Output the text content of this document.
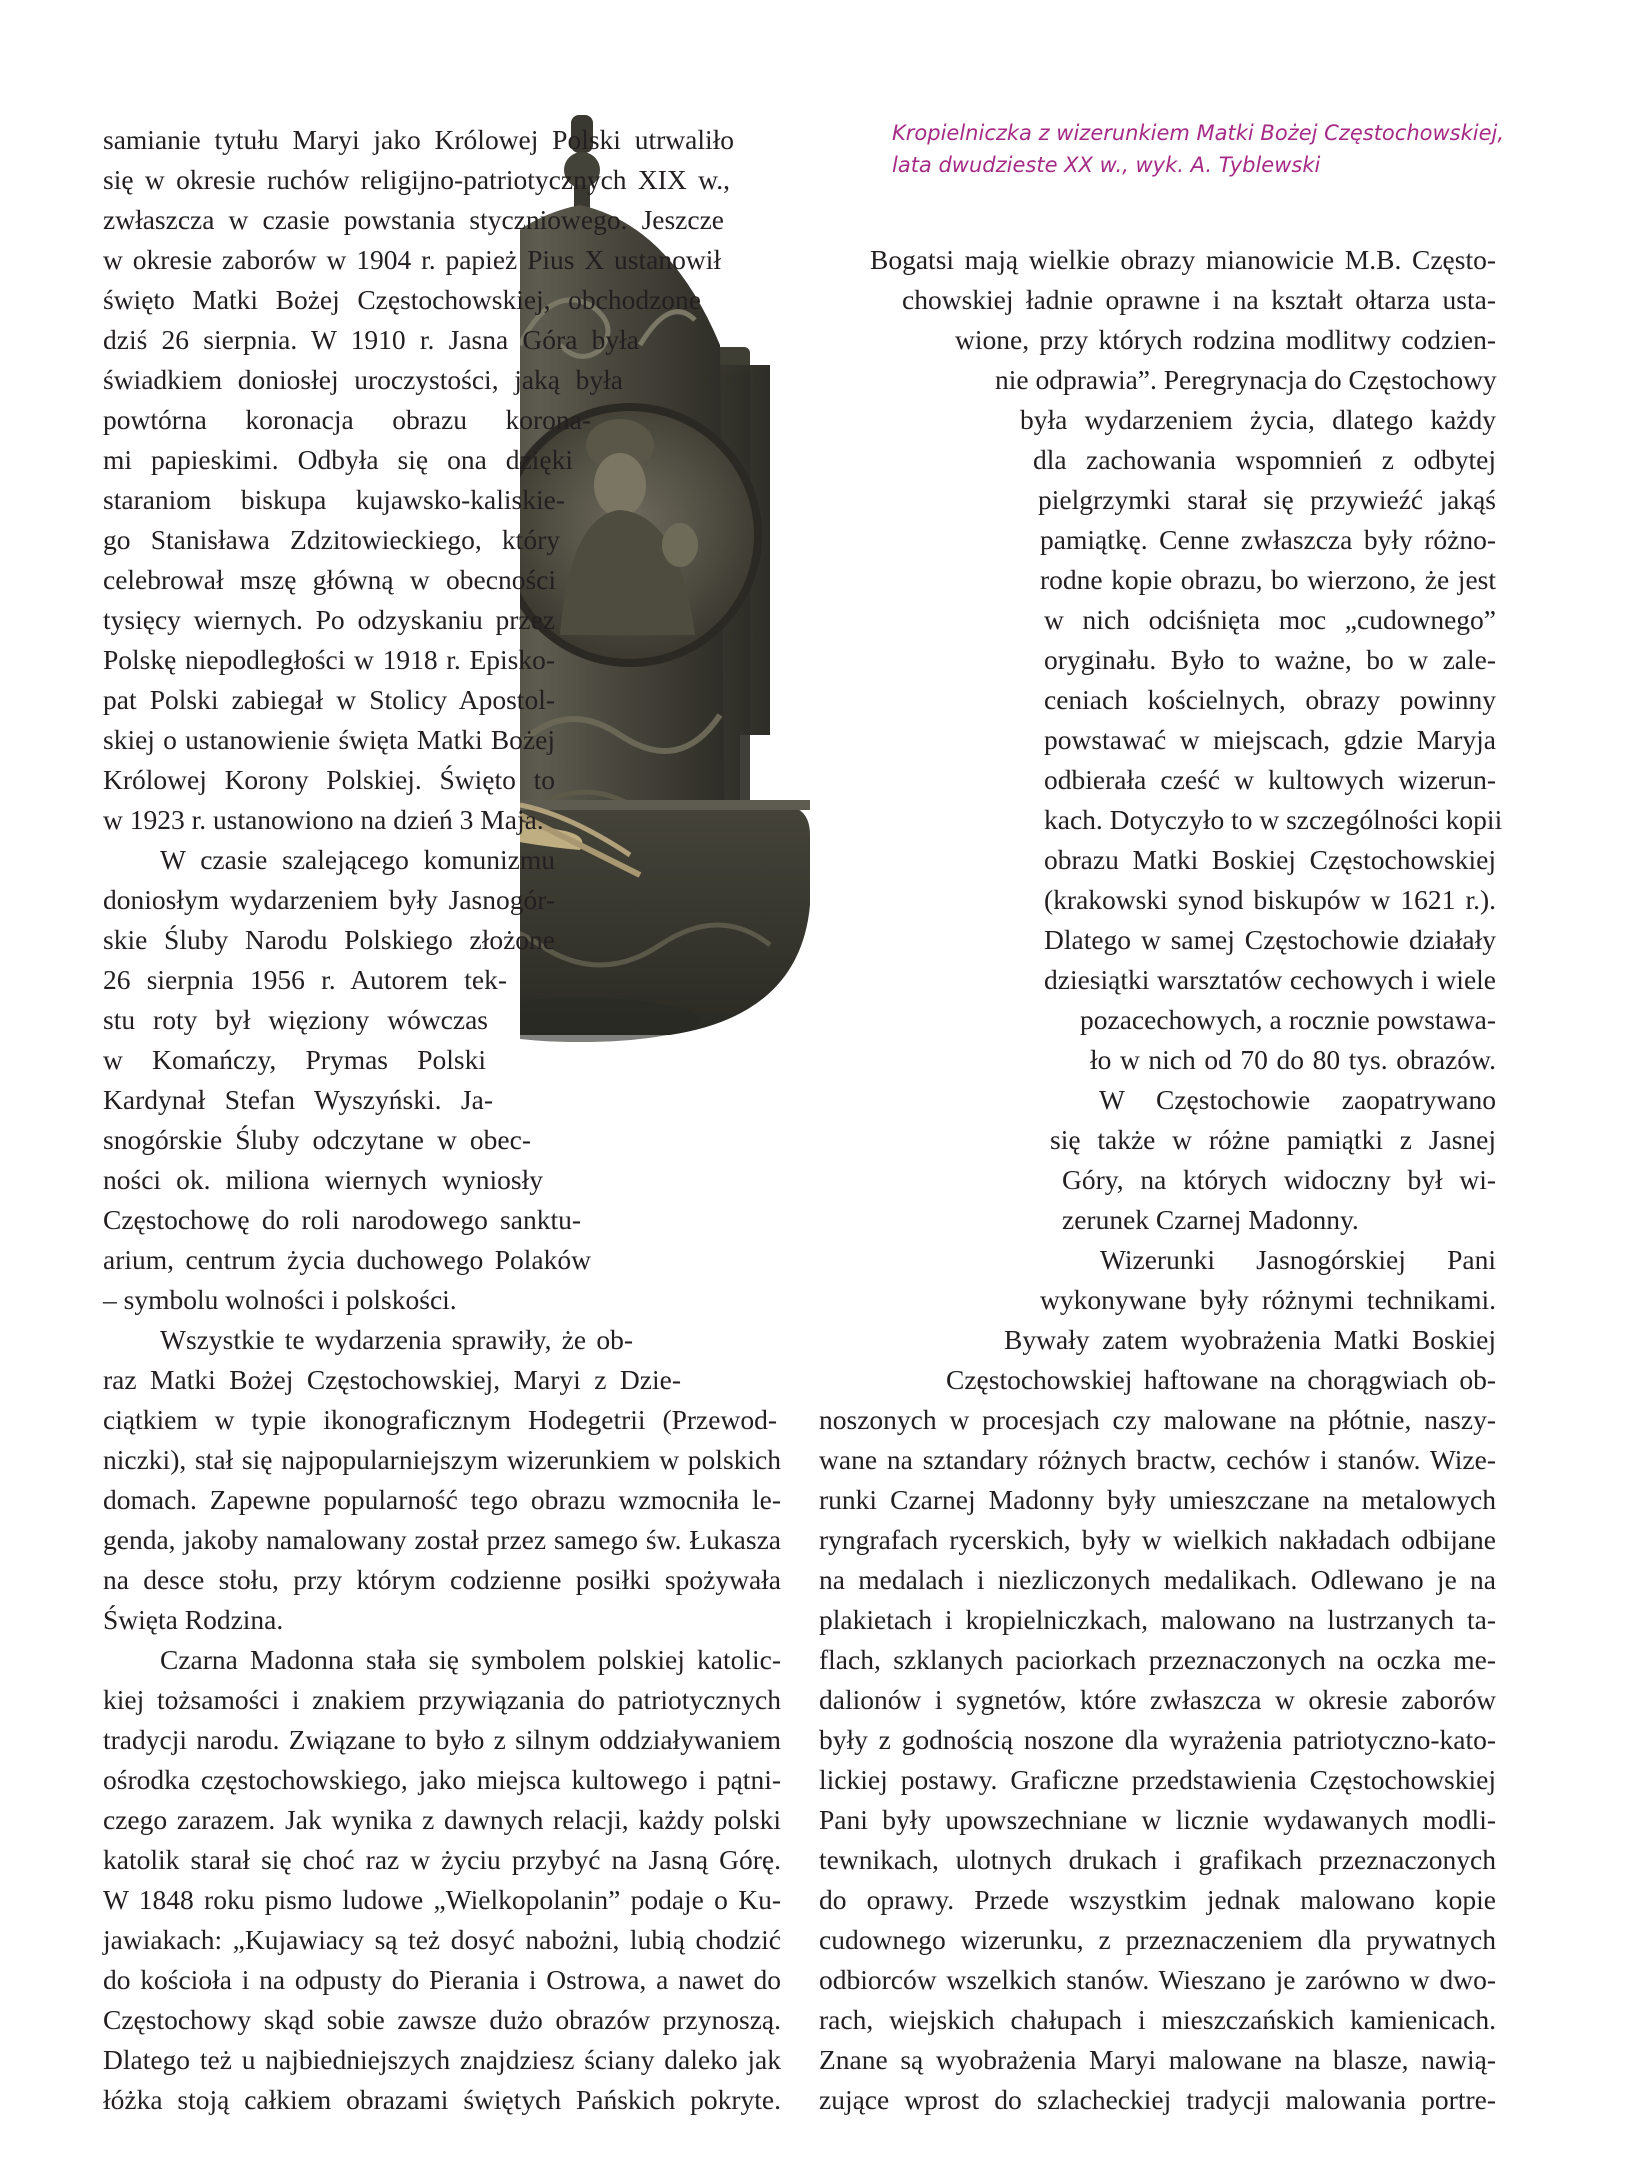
Kropielniczka z wizerunkiem Matki Bożej Częstochowskiej,
lata dwudzieste XX w., wyk. A. Tyblewski
samianie tytułu Maryi jako Królowej Polski utrwaliło
się w okresie ruchów religijno-patriotycznych XIX w.,
zwłaszcza w czasie powstania styczniowego. Jeszcze
w okresie zaborów w 1904 r. papież Pius X ustanowił
święto Matki Bożej Częstochowskiej, obchodzone
dziś 26 sierpnia. W 1910 r. Jasna Góra była
świadkiem doniosłej uroczystości, jaką była
powtórna koronacja obrazu korona-
mi papieskimi. Odbyła się ona dzięki
staraniom biskupa kujawsko-kaliskie-
go Stanisława Zdzitowieckiego, który
celebrował mszę główną w obecności
tysięcy wiernych. Po odzyskaniu przez
Polskę niepodległości w 1918 r. Episko-
pat Polski zabiegał w Stolicy Apostol-
skiej o ustanowienie święta Matki Bożej
Królowej Korony Polskiej. Święto to
w 1923 r. ustanowiono na dzień 3 Maja.
W czasie szalejącego komunizmu
doniosłym wydarzeniem były Jasnogór-
skie Śluby Narodu Polskiego złożone
26 sierpnia 1956 r. Autorem tek-
stu roty był więziony wówczas
w Komańczy, Prymas Polski
Kardynał Stefan Wyszyński. Ja-
snogórskie Śluby odczytane w obec-
ności ok. miliona wiernych wyniosły
Częstochowę do roli narodowego sanktu-
arium, centrum życia duchowego Polaków
– symbolu wolności i polskości.
Wszystkie te wydarzenia sprawiły, że ob-
raz Matki Bożej Częstochowskiej, Maryi z Dzie-
ciątkiem w typie ikonograficznym Hodegetrii (Przewod-
niczki), stał się najpopularniejszym wizerunkiem w polskich
domach. Zapewne popularność tego obrazu wzmocniła le-
genda, jakoby namalowany został przez samego św. Łukasza
na desce stołu, przy którym codzienne posiłki spożywała
Święta Rodzina.
Czarna Madonna stała się symbolem polskiej katolic-
kiej tożsamości i znakiem przywiązania do patriotycznych
tradycji narodu. Związane to było z silnym oddziaływaniem
ośrodka częstochowskiego, jako miejsca kultowego i pątni-
czego zarazem. Jak wynika z dawnych relacji, każdy polski
katolik starał się choć raz w życiu przybyć na Jasną Górę.
W 1848 roku pismo ludowe „Wielkopolanin” podaje o Ku-
jawiakach: „Kujawiacy są też dosyć nabożni, lubią chodzić
do kościoła i na odpusty do Pierania i Ostrowa, a nawet do
Częstochowy skąd sobie zawsze dużo obrazów przynoszą.
Dlatego też u najbiedniejszych znajdziesz ściany daleko jak
łóżka stoją całkiem obrazami świętych Pańskich pokryte.
Bogatsi mają wielkie obrazy mianowicie M.B. Często-
chowskiej ładnie oprawne i na kształt ołtarza usta-
wione, przy których rodzina modlitwy codzien-
nie odprawia”. Peregrynacja do Częstochowy
była wydarzeniem życia, dlatego każdy
dla zachowania wspomnień z odbytej
pielgrzymki starał się przywieźć jakąś
pamiątkę. Cenne zwłaszcza były różno-
rodne kopie obrazu, bo wierzono, że jest
w nich odciśnięta moc „cudownego”
oryginału. Było to ważne, bo w zale-
ceniach kościelnych, obrazy powinny
powstawać w miejscach, gdzie Maryja
odbierała cześć w kultowych wizerun-
kach. Dotyczyło to w szczególności kopii
obrazu Matki Boskiej Częstochowskiej
(krakowski synod biskupów w 1621 r.).
Dlatego w samej Częstochowie działały
dziesiątki warsztatów cechowych i wiele
pozacechowych, a rocznie powstawa-
ło w nich od 70 do 80 tys. obrazów.
W Częstochowie zaopatrywano
się także w różne pamiątki z Jasnej
Góry, na których widoczny był wi-
zerunek Czarnej Madonny.
Wizerunki Jasnogórskiej Pani
wykonywane były różnymi technikami.
Bywały zatem wyobrażenia Matki Boskiej
Częstochowskiej haftowane na chorągwiach ob-
noszonych w procesjach czy malowane na płótnie, naszy-
wane na sztandary różnych bractw, cechów i stanów. Wize-
runki Czarnej Madonny były umieszczane na metalowych
ryngrafach rycerskich, były w wielkich nakładach odbijane
na medalach i niezliczonych medalikach. Odlewano je na
plakietach i kropielniczkach, malowano na lustrzanych ta-
flach, szklanych paciorkach przeznaczonych na oczka me-
dalionów i sygnetów, które zwłaszcza w okresie zaborów
były z godnością noszone dla wyrażenia patriotyczno-kato-
lickiej postawy. Graficzne przedstawienia Częstochowskiej
Pani były upowszechniane w licznie wydawanych modli-
tewnikach, ulotnych drukach i grafikach przeznaczonych
do oprawy. Przede wszystkim jednak malowano kopie
cudownego wizerunku, z przeznaczeniem dla prywatnych
odbiorców wszelkich stanów. Wieszano je zarówno w dwo-
rach, wiejskich chałupach i mieszczańskich kamienicach.
Znane są wyobrażenia Maryi malowane na blasze, nawią-
zujące wprost do szlacheckiej tradycji malowania portre-
